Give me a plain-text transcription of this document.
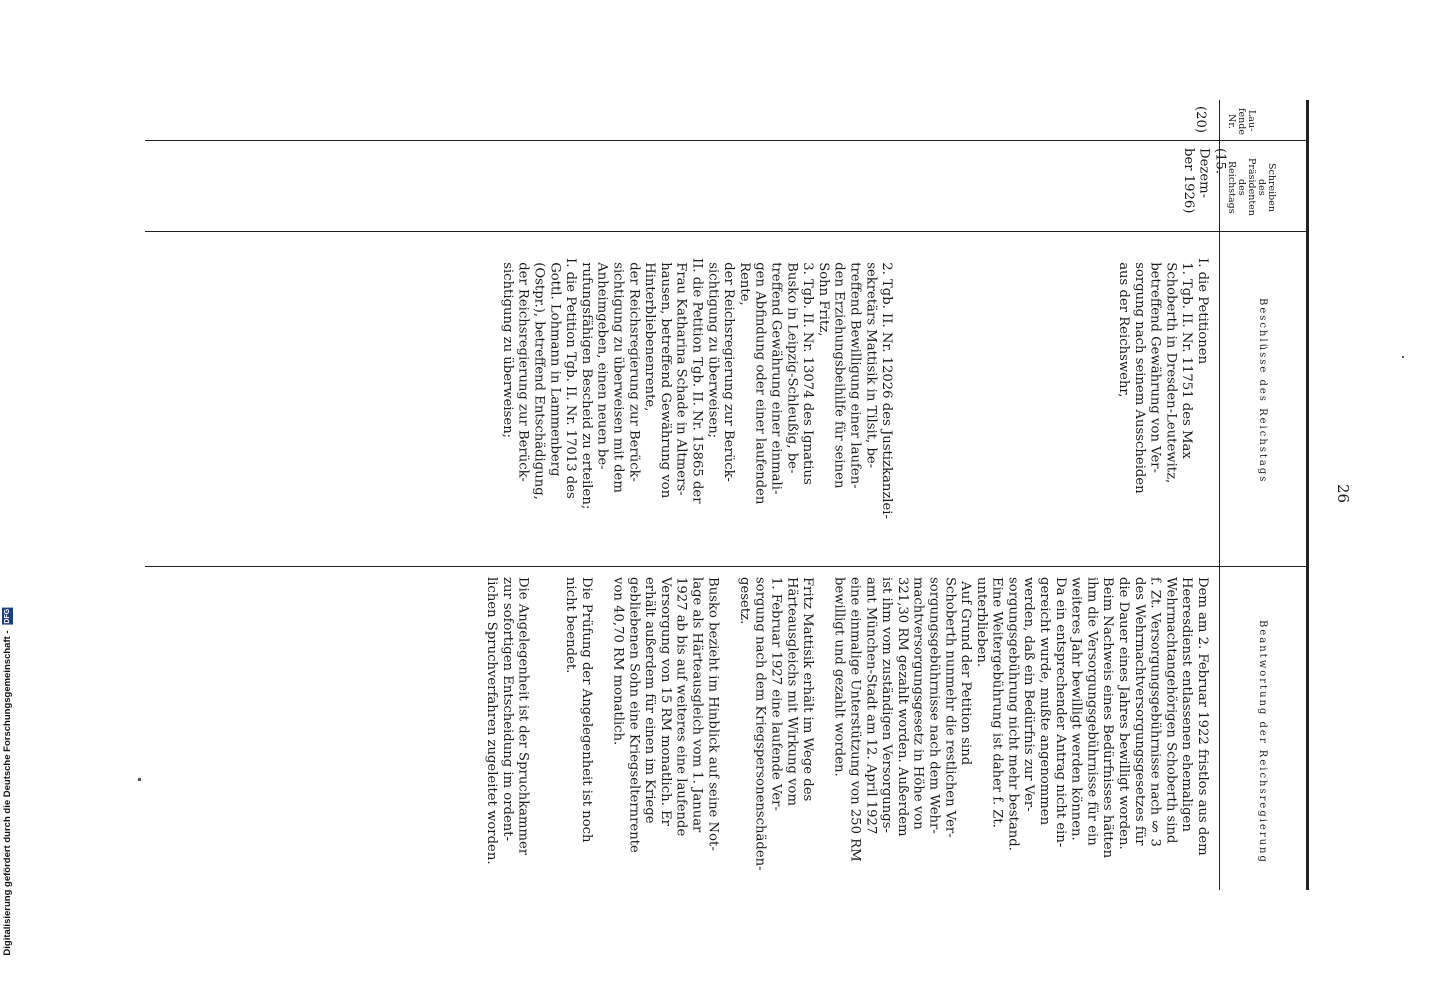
26
Lau-
fende
Nr.
Schreiben
des
Präsidenten
des
Reichstags
Beschlüsse des Reichstags
Beantwortung der Reichsregierung
(20)
(15. Dezem-
ber 1926)
I. die Petitionen
1. Tgb. II. Nr. 11751 des Max
Schoberth in Dresden-Leutewitz,
betreffend Gewährung von Ver-
sorgung nach seinem Ausscheiden
aus der Reichswehr,

2. Tgb. II. Nr. 12026 des Justizkanzlei-
sekretärs Mattisik in Tilsit, be-
treffend Bewilligung einer laufen-
den Erziehungsbeihilfe für seinen
Sohn Fritz,
3. Tgb. II. Nr. 13074 des Ignatius
Busko in Leipzig-Schleußig, be-
treffend Gewährung einer einmali-
gen Abfindung oder einer laufenden
Rente,
der Reichsregierung zur Berück-
sichtigung zu überweisen;
II. die Petition Tgb. II. Nr. 15865 der
Frau Katharina Schade in Altmers-
hausen, betreffend Gewährung von
Hinterbliebenenrente,
der Reichsregierung zur Berück-
sichtigung zu überweisen mit dem
Anheimgeben, einen neuen be-
rufungsfähigen Bescheid zu erteilen;
I. die Petition Tgb. II. Nr. 17013 des
Gottl. Lohmann in Lammenberg
(Ostpr.), betreffend Entschädigung,
der Reichsregierung zur Berück-
sichtigung zu überweisen;
Dem am 2. Februar 1922 fristlos aus dem
Heeresdienst entlassenen ehemaligen
Wehrmachtangehörigen Schoberth sind
f. Zt. Versorgungsgebührnisse nach § 3
des Wehrmachtversorgungsgesetzes für
die Dauer eines Jahres bewilligt worden.
Beim Nachweis eines Bedürfnisses hätten
ihm die Versorgungsgebührnisse für ein
weiteres Jahr bewilligt werden können.
Da ein entsprechender Antrag nicht ein-
gereicht wurde, mußte angenommen
werden, daß ein Bedürfnis zur Ver-
sorgungsgebührung nicht mehr bestand.
Eine Weitergebührung ist daher f. Zt.
unterblieben.
Auf Grund der Petition sind
Schoberth nunmehr die restlichen Ver-
sorgungsgebührnisse nach dem Wehr-
machtversorgungsgesetz in Höhe von
321,30 RM gezahlt worden. Außerdem
ist ihm vom zuständigen Versorgungs-
amt München-Stadt am 12. April 1927
eine einmalige Unterstützung von 250 RM
bewilligt und gezahlt worden.

Fritz Mattisik erhält im Wege des
Härteausgleichs mit Wirkung vom
1. Februar 1927 eine laufende Ver-
sorgung nach dem Kriegspersonenschäden-
gesetz.

Busko bezieht im Hinblick auf seine Not-
lage als Härteausgleich vom 1. Januar
1927 ab bis auf weiteres eine laufende
Versorgung von 15 RM monatlich. Er
erhält außerdem für einen im Kriege
gebliebenen Sohn eine Kriegselternrente
von 40,70 RM monatlich.

Die Prüfung der Angelegenheit ist noch
nicht beendet.

Die Angelegenheit ist der Spruchkammer
zur sofortigen Entscheidung im ordent-
lichen Spruchverfahren zugeleitet worden.
Digitalisierung gefördert durch die Deutsche Forschungsgemeinschaft - DFG
